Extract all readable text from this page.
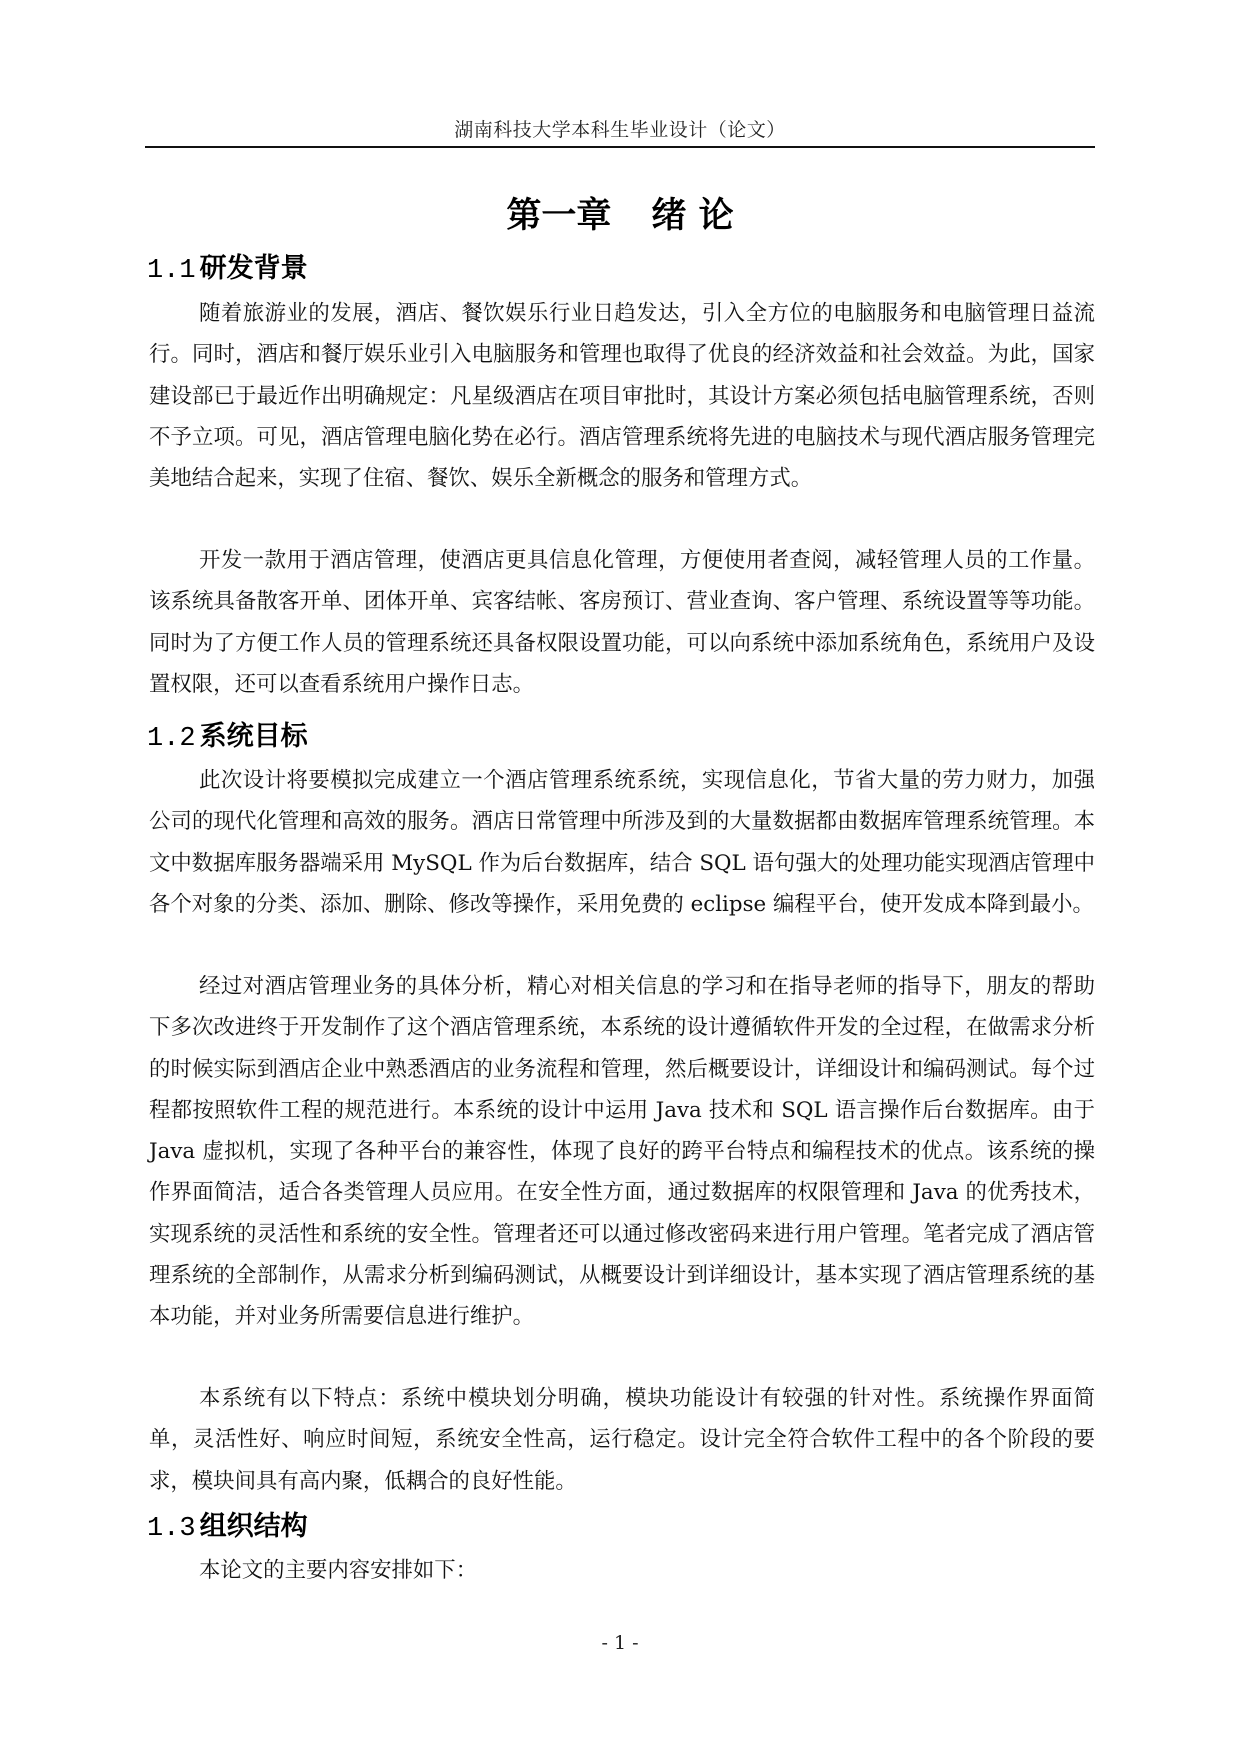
湖南科技大学本科生毕业设计（论文）
第一章 绪 论
1.1 研发背景

随着旅游业的发展，酒店、餐饮娱乐行业日趋发达，引入全方位的电脑服务和电脑管理日益流行。同时，酒店和餐厅娱乐业引入电脑服务和管理也取得了优良的经济效益和社会效益。为此，国家建设部已于最近作出明确规定：凡星级酒店在项目审批时，其设计方案必须包括电脑管理系统，否则不予立项。可见，酒店管理电脑化势在必行。酒店管理系统将先进的电脑技术与现代酒店服务管理完美地结合起来，实现了住宿、餐饮、娱乐全新概念的服务和管理方式。

开发一款用于酒店管理，使酒店更具信息化管理，方便使用者查阅，减轻管理人员的工作量。该系统具备散客开单、团体开单、宾客结帐、客房预订、营业查询、客户管理、系统设置等等功能。同时为了方便工作人员的管理系统还具备权限设置功能，可以向系统中添加系统角色，系统用户及设置权限，还可以查看系统用户操作日志。

1.2 系统目标

此次设计将要模拟完成建立一个酒店管理系统系统，实现信息化，节省大量的劳力财力，加强公司的现代化管理和高效的服务。酒店日常管理中所涉及到的大量数据都由数据库管理系统管理。本文中数据库服务器端采用 MySQL 作为后台数据库，结合 SQL 语句强大的处理功能实现酒店管理中各个对象的分类、添加、删除、修改等操作，采用免费的 eclipse 编程平台，使开发成本降到最小。

经过对酒店管理业务的具体分析，精心对相关信息的学习和在指导老师的指导下，朋友的帮助下多次改进终于开发制作了这个酒店管理系统，本系统的设计遵循软件开发的全过程，在做需求分析的时候实际到酒店企业中熟悉酒店的业务流程和管理，然后概要设计，详细设计和编码测试。每个过程都按照软件工程的规范进行。本系统的设计中运用 Java 技术和 SQL 语言操作后台数据库。由于 Java 虚拟机，实现了各种平台的兼容性，体现了良好的跨平台特点和编程技术的优点。该系统的操作界面简洁，适合各类管理人员应用。在安全性方面，通过数据库的权限管理和 Java 的优秀技术，实现系统的灵活性和系统的安全性。管理者还可以通过修改密码来进行用户管理。笔者完成了酒店管理系统的全部制作，从需求分析到编码测试，从概要设计到详细设计，基本实现了酒店管理系统的基本功能，并对业务所需要信息进行维护。

本系统有以下特点：系统中模块划分明确，模块功能设计有较强的针对性。系统操作界面简单，灵活性好、响应时间短，系统安全性高，运行稳定。设计完全符合软件工程中的各个阶段的要求，模块间具有高内聚，低耦合的良好性能。

1.3 组织结构

本论文的主要内容安排如下：

- 1 -
